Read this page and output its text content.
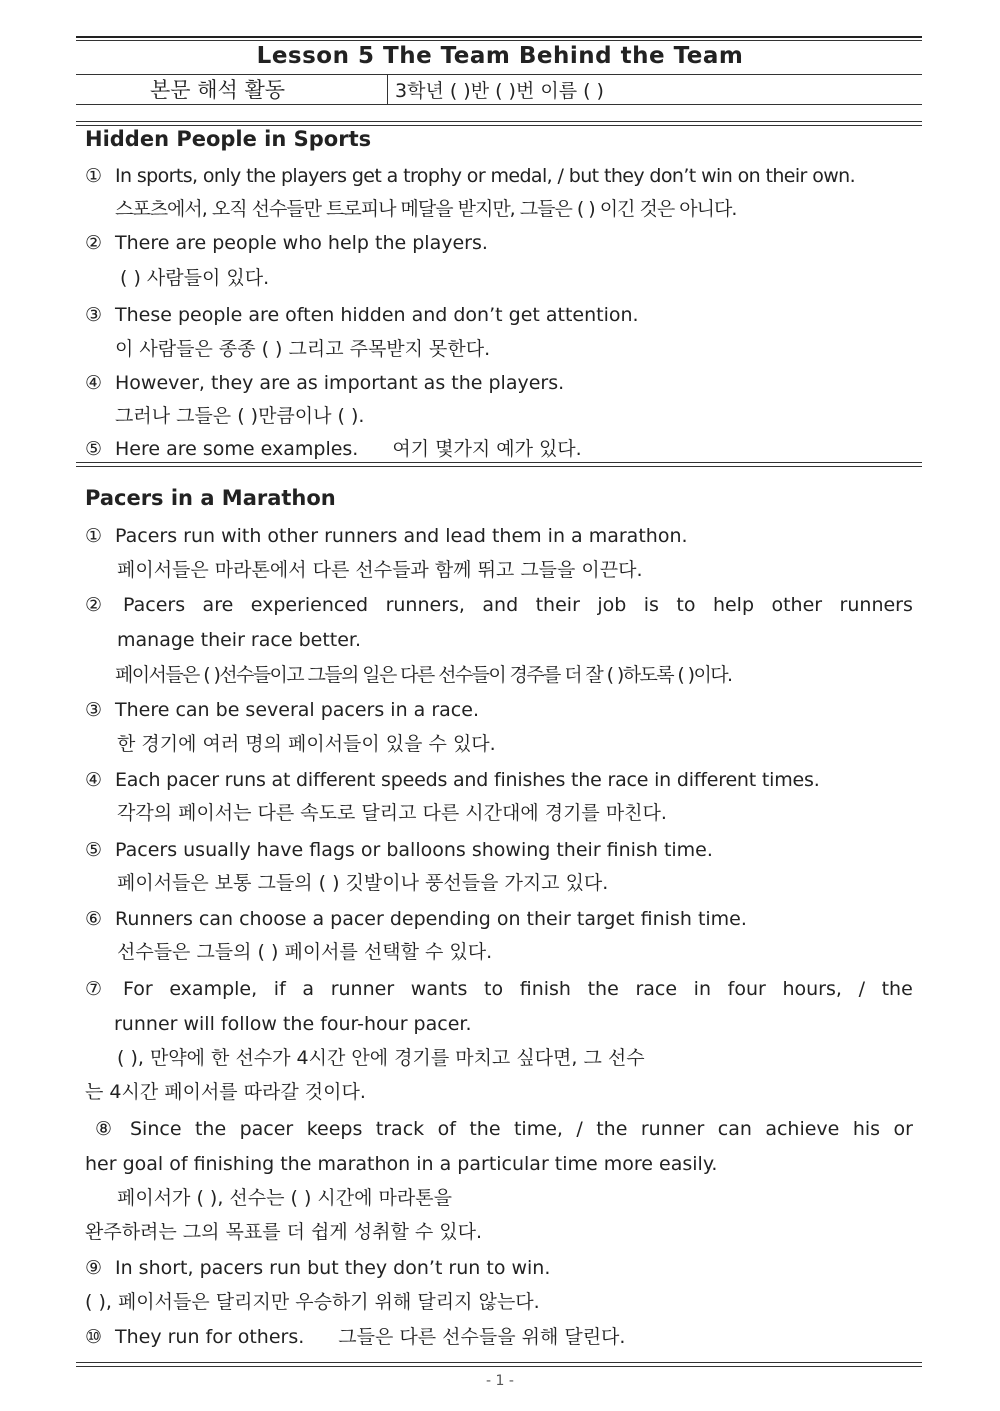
Lesson 5 The Team Behind the Team
본문 해석 활동	3학년 ( )반 ( )번 이름 ( )
Hidden People in Sports
① In sports, only the players get a trophy or medal, / but they don’t win on their own.
스포츠에서, 오직 선수들만 트로피나 메달을 받지만, 그들은 ( ) 이긴 것은 아니다.
② There are people who help the players.
( ) 사람들이 있다.
③ These people are often hidden and don’t get attention.
이 사람들은 종종 ( ) 그리고 주목받지 못한다.
④ However, they are as important as the players.
그러나 그들은 ( )만큼이나 ( ).
⑤ Here are some examples. 여기 몇가지 예가 있다.
Pacers in a Marathon
① Pacers run with other runners and lead them in a marathon.
페이서들은 마라톤에서 다른 선수들과 함께 뛰고 그들을 이끈다.
② Pacers are experienced runners, and their job is to help other runners
manage their race better.
페이서들은 ( )선수들이고 그들의 일은 다른 선수들이 경주를 더 잘 ( )하도록 ( )이다.
③ There can be several pacers in a race.
한 경기에 여러 명의 페이서들이 있을 수 있다.
④ Each pacer runs at different speeds and finishes the race in different times.
각각의 페이서는 다른 속도로 달리고 다른 시간대에 경기를 마친다.
⑤ Pacers usually have flags or balloons showing their finish time.
페이서들은 보통 그들의 ( ) 깃발이나 풍선들을 가지고 있다.
⑥ Runners can choose a pacer depending on their target finish time.
선수들은 그들의 ( ) 페이서를 선택할 수 있다.
⑦ For example, if a runner wants to finish the race in four hours, / the
runner will follow the four-hour pacer.
( ), 만약에 한 선수가 4시간 안에 경기를 마치고 싶다면, 그 선수
는 4시간 페이서를 따라갈 것이다.
⑧ Since the pacer keeps track of the time, / the runner can achieve his or
her goal of finishing the marathon in a particular time more easily.
페이서가 ( ), 선수는 ( ) 시간에 마라톤을
완주하려는 그의 목표를 더 쉽게 성취할 수 있다.
⑨ In short, pacers run but they don’t run to win.
( ), 페이서들은 달리지만 우승하기 위해 달리지 않는다.
⑩ They run for others. 그들은 다른 선수들을 위해 달린다.
- 1 -
